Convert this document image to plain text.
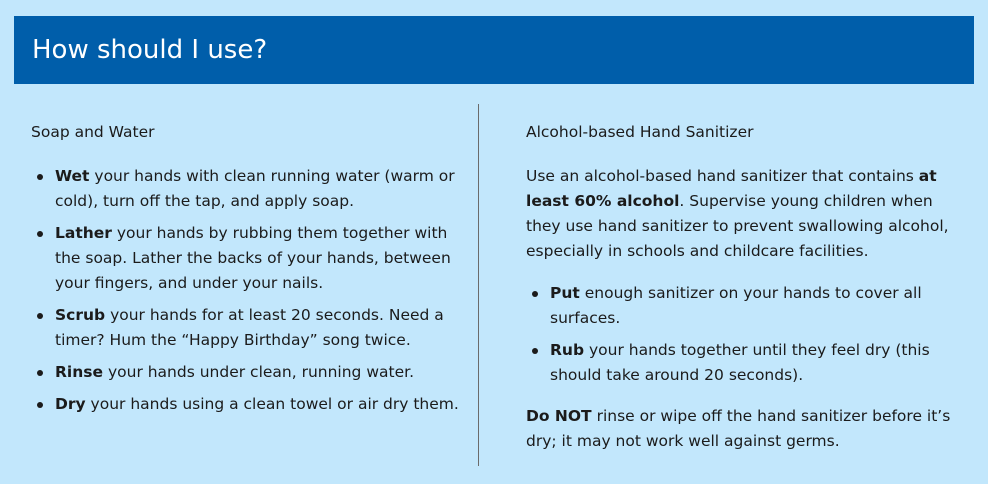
How should I use?
Soap and Water
Wet your hands with clean running water (warm or cold), turn off the tap, and apply soap.
Lather your hands by rubbing them together with the soap. Lather the backs of your hands, between your fingers, and under your nails.
Scrub your hands for at least 20 seconds. Need a timer? Hum the “Happy Birthday” song twice.
Rinse your hands under clean, running water.
Dry your hands using a clean towel or air dry them.
Alcohol-based Hand Sanitizer

Use an alcohol-based hand sanitizer that contains at least 60% alcohol. Supervise young children when they use hand sanitizer to prevent swallowing alcohol, especially in schools and childcare facilities.

Put enough sanitizer on your hands to cover all surfaces.
Rub your hands together until they feel dry (this should take around 20 seconds).

Do NOT rinse or wipe off the hand sanitizer before it’s dry; it may not work well against germs.
